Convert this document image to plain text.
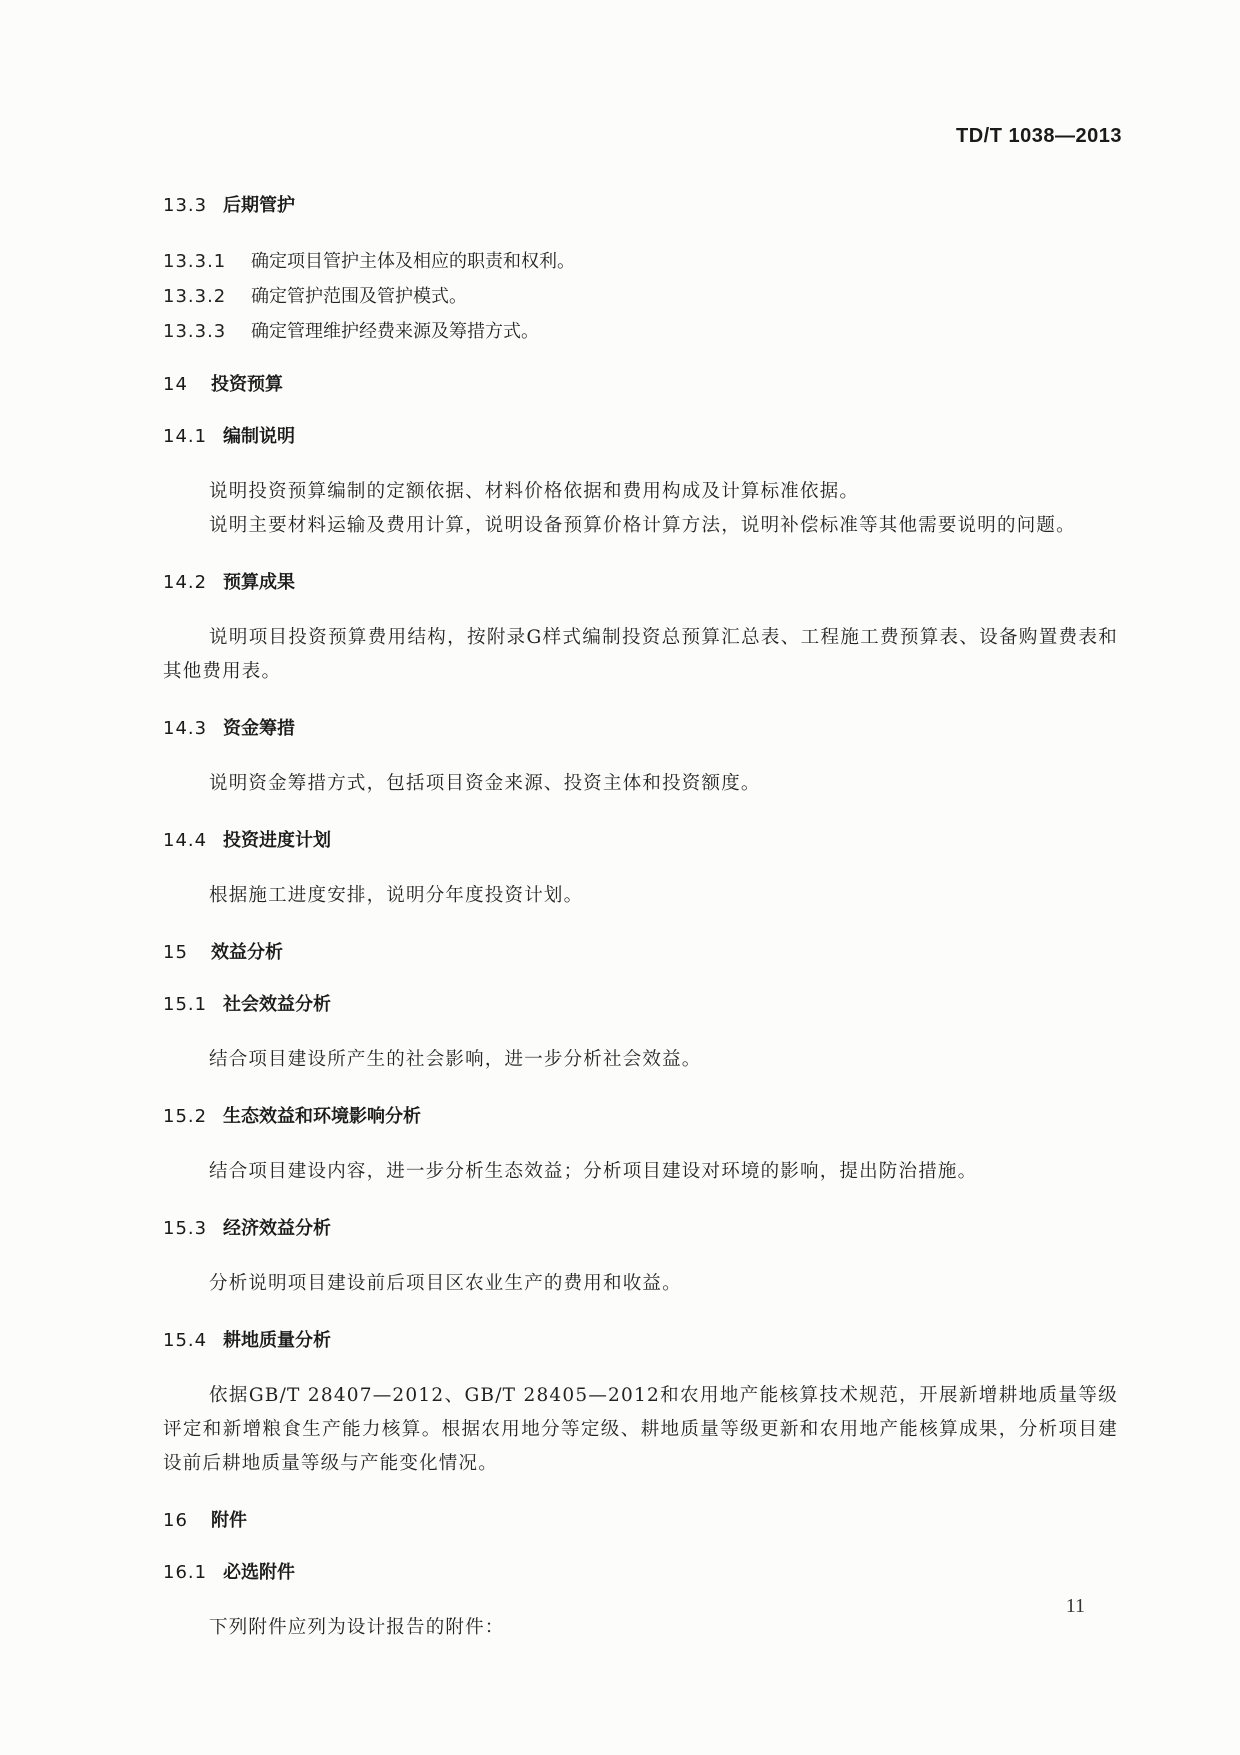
TD/T 1038—2013
13.3 后期管护
13.3.1 确定项目管护主体及相应的职责和权利。
13.3.2 确定管护范围及管护模式。
13.3.3 确定管理维护经费来源及筹措方式。
14 投资预算
14.1 编制说明

说明投资预算编制的定额依据、材料价格依据和费用构成及计算标准依据。

说明主要材料运输及费用计算，说明设备预算价格计算方法，说明补偿标准等其他需要说明的问题。

14.2 预算成果

说明项目投资预算费用结构，按附录G样式编制投资总预算汇总表、工程施工费预算表、设备购置费表和其他费用表。

14.3 资金筹措

说明资金筹措方式，包括项目资金来源、投资主体和投资额度。

14.4 投资进度计划

根据施工进度安排，说明分年度投资计划。

15 效益分析
15.1 社会效益分析

结合项目建设所产生的社会影响，进一步分析社会效益。

15.2 生态效益和环境影响分析

结合项目建设内容，进一步分析生态效益；分析项目建设对环境的影响，提出防治措施。

15.3 经济效益分析

分析说明项目建设前后项目区农业生产的费用和收益。

15.4 耕地质量分析

依据GB/T 28407—2012、GB/T 28405—2012和农用地产能核算技术规范，开展新增耕地质量等级评定和新增粮食生产能力核算。根据农用地分等定级、耕地质量等级更新和农用地产能核算成果，分析项目建设前后耕地质量等级与产能变化情况。

16 附件
16.1 必选附件

下列附件应列为设计报告的附件：

11
